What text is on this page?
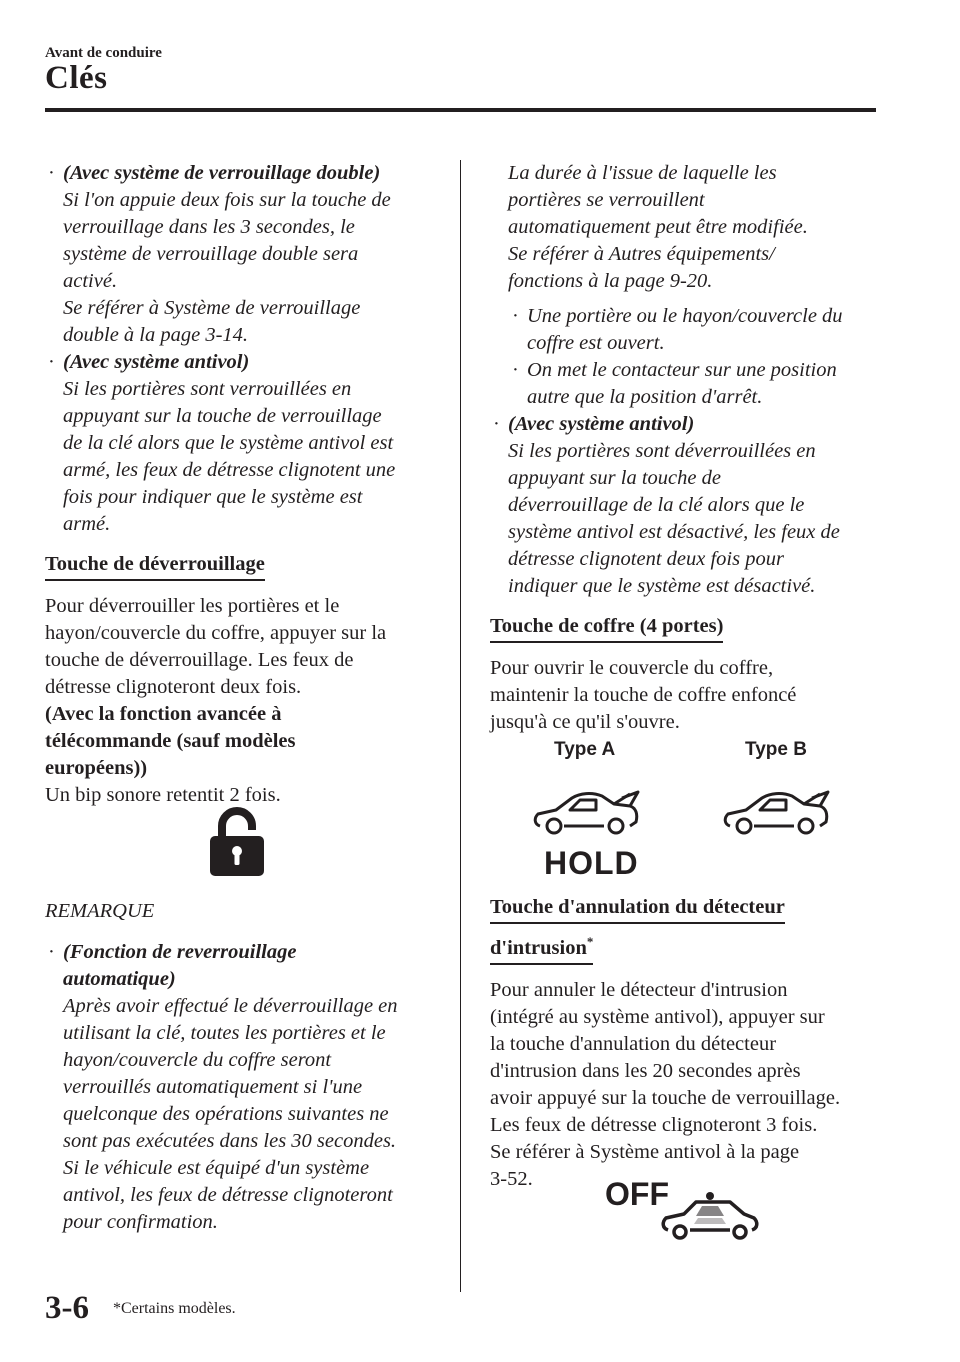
Avant de conduire
Clés
· (Avec système de verrouillage double)

Si l'on appuie deux fois sur la touche de

verrouillage dans les 3 secondes, le

système de verrouillage double sera

activé.

Se référer à Système de verrouillage

double à la page 3-14.

· (Avec système antivol)

Si les portières sont verrouillées en

appuyant sur la touche de verrouillage

de la clé alors que le système antivol est

armé, les feux de détresse clignotent une

fois pour indiquer que le système est

armé.

Touche de déverrouillage

Pour déverrouiller les portières et le

hayon/couvercle du coffre, appuyer sur la

touche de déverrouillage. Les feux de

détresse clignoteront deux fois.

(Avec la fonction avancée à

télécommande (sauf modèles

européens))

Un bip sonore retentit 2 fois.

REMARQUE

· (Fonction de reverrouillage

automatique)

Après avoir effectué le déverrouillage en

utilisant la clé, toutes les portières et le

hayon/couvercle du coffre seront

verrouillés automatiquement si l'une

quelconque des opérations suivantes ne

sont pas exécutées dans les 30 secondes.

Si le véhicule est équipé d'un système

antivol, les feux de détresse clignoteront

pour confirmation.

La durée à l'issue de laquelle les

portières se verrouillent

automatiquement peut être modifiée.

Se référer à Autres équipements/

fonctions à la page 9-20.

· Une portière ou le hayon/couvercle du

coffre est ouvert.

· On met le contacteur sur une position

autre que la position d'arrêt.

· (Avec système antivol)

Si les portières sont déverrouillées en

appuyant sur la touche de

déverrouillage de la clé alors que le

système antivol est désactivé, les feux de

détresse clignotent deux fois pour

indiquer que le système est désactivé.

Touche de coffre (4 portes)

Pour ouvrir le couvercle du coffre,

maintenir la touche de coffre enfoncé

jusqu'à ce qu'il s'ouvre.

Type A	Type B
HOLD
Touche d'annulation du détecteur
d'intrusion*

Pour annuler le détecteur d'intrusion

(intégré au système antivol), appuyer sur

la touche d'annulation du détecteur

d'intrusion dans les 20 secondes après

avoir appuyé sur la touche de verrouillage.

Les feux de détresse clignoteront 3 fois.

Se référer à Système antivol à la page

3-52.	OFF
3-6 *Certains modèles.
